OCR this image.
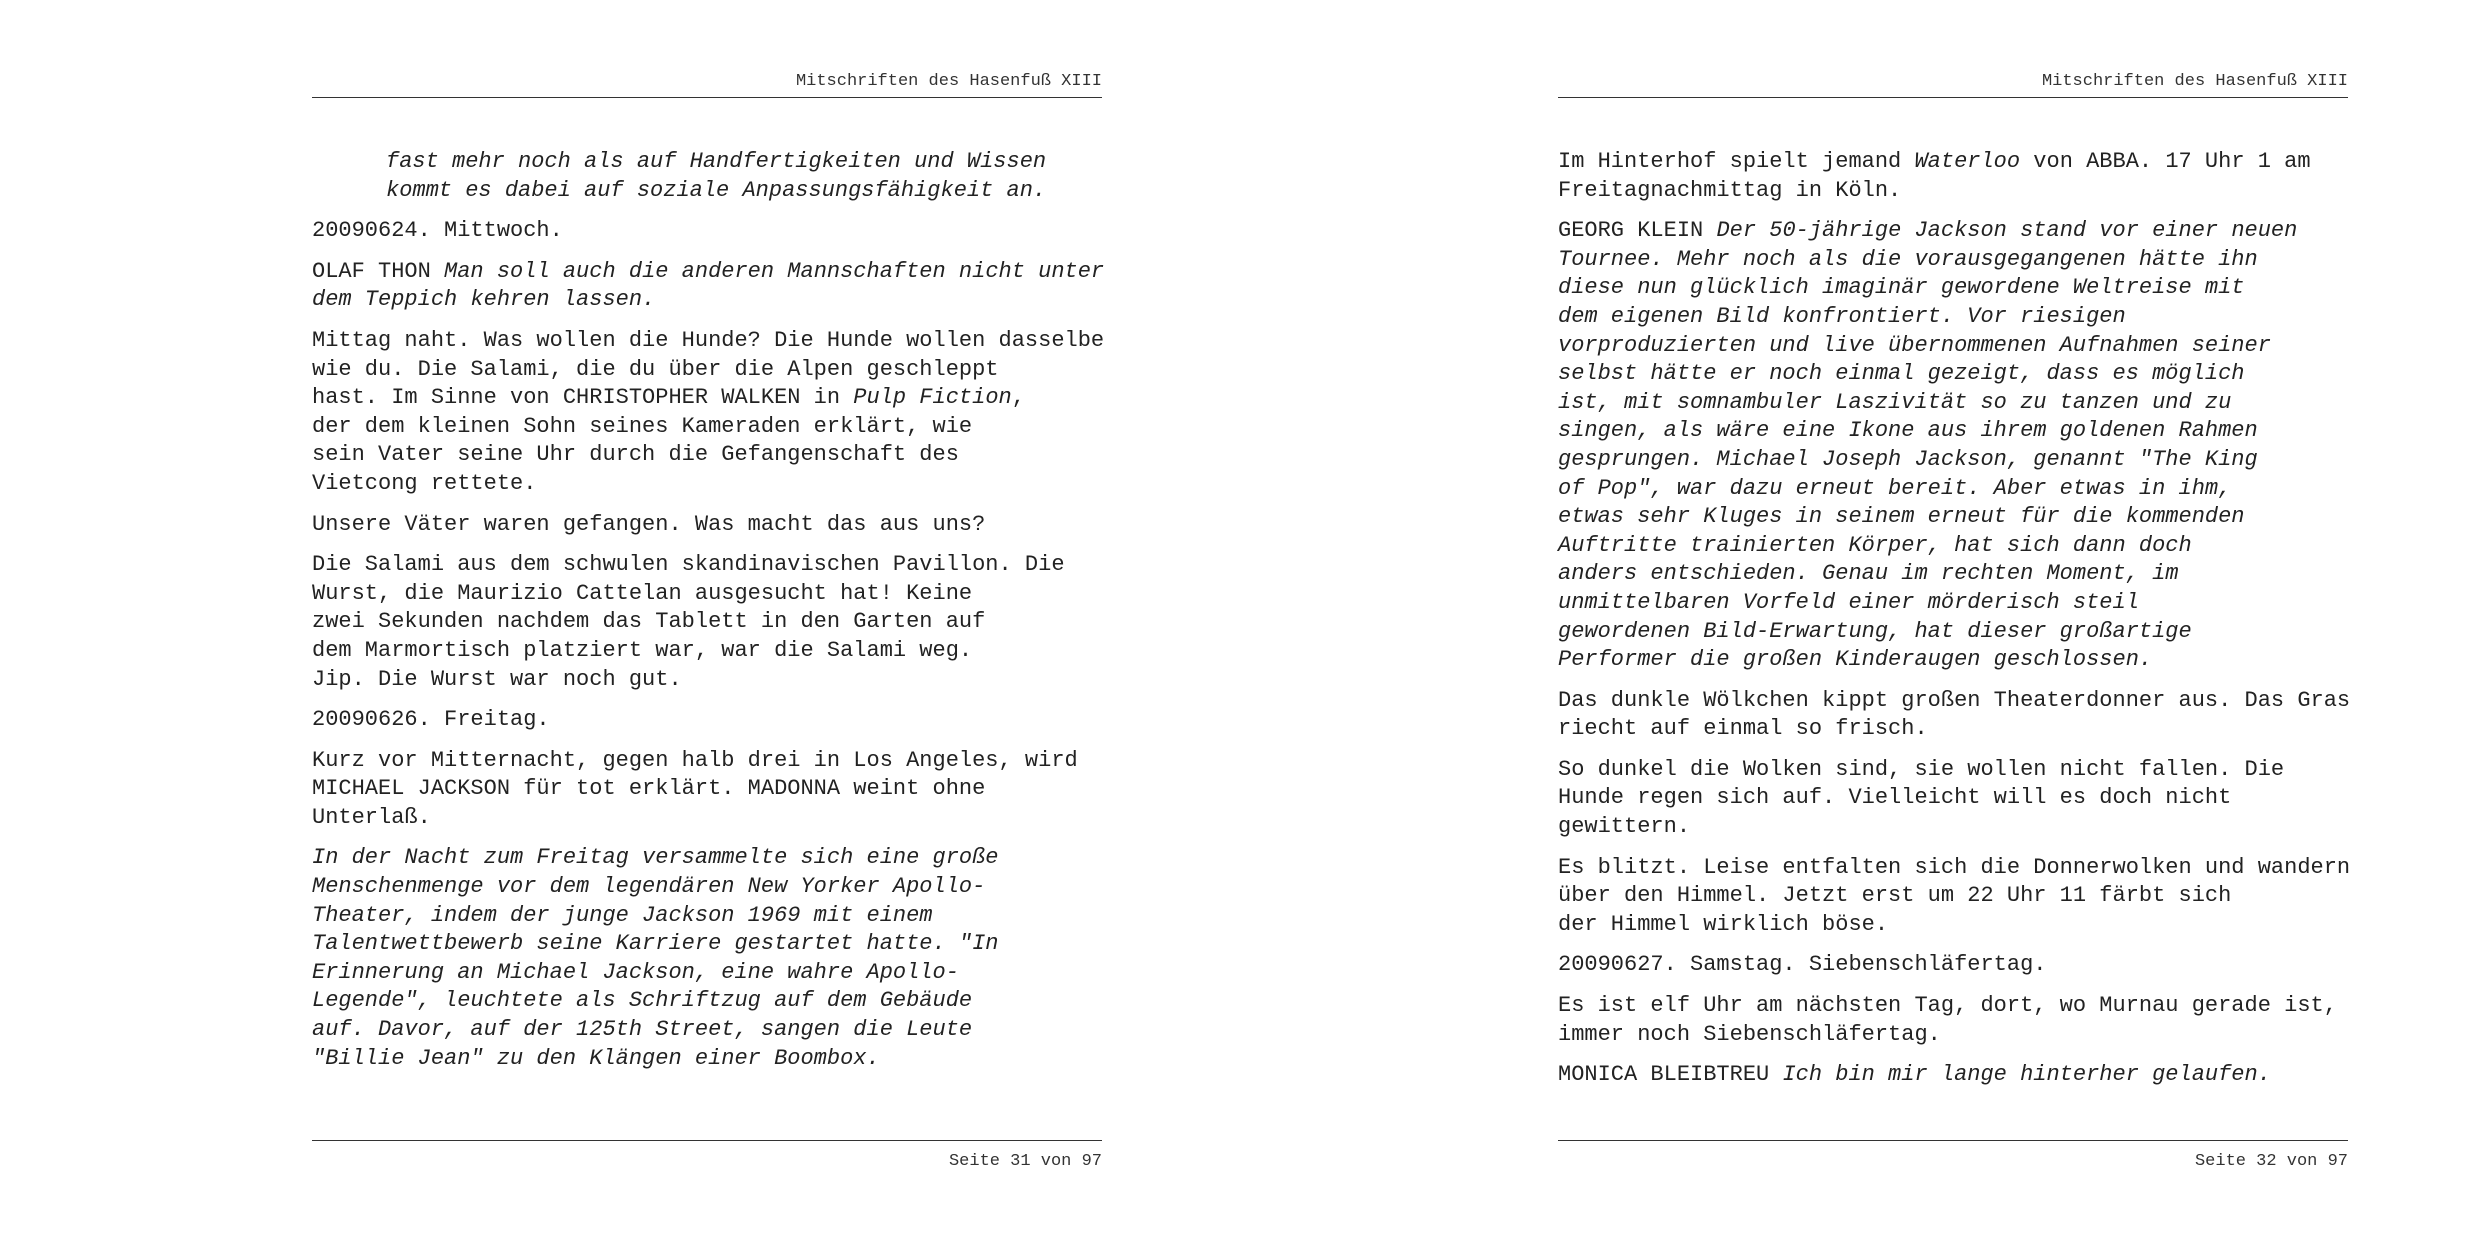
Mitschriften des Hasenfuß XIII

fast mehr noch als auf Handfertigkeiten und Wissen
kommt es dabei auf soziale Anpassungsfähigkeit an.

20090624. Mittwoch.

OLAF THON Man soll auch die anderen Mannschaften nicht unter
dem Teppich kehren lassen.

Mittag naht. Was wollen die Hunde? Die Hunde wollen dasselbe
wie du. Die Salami, die du über die Alpen geschleppt
hast. Im Sinne von CHRISTOPHER WALKEN in Pulp Fiction,
der dem kleinen Sohn seines Kameraden erklärt, wie
sein Vater seine Uhr durch die Gefangenschaft des
Vietcong rettete.

Unsere Väter waren gefangen. Was macht das aus uns?

Die Salami aus dem schwulen skandinavischen Pavillon. Die
Wurst, die Maurizio Cattelan ausgesucht hat! Keine
zwei Sekunden nachdem das Tablett in den Garten auf
dem Marmortisch platziert war, war die Salami weg.
Jip. Die Wurst war noch gut.

20090626. Freitag.

Kurz vor Mitternacht, gegen halb drei in Los Angeles, wird
MICHAEL JACKSON für tot erklärt. MADONNA weint ohne
Unterlaß.

In der Nacht zum Freitag versammelte sich eine große
Menschenmenge vor dem legendären New Yorker Apollo-
Theater, indem der junge Jackson 1969 mit einem
Talentwettbewerb seine Karriere gestartet hatte. "In
Erinnerung an Michael Jackson, eine wahre Apollo-
Legende", leuchtete als Schriftzug auf dem Gebäude
auf. Davor, auf der 125th Street, sangen die Leute
"Billie Jean" zu den Klängen einer Boombox.

Seite 31 von 97
Mitschriften des Hasenfuß XIII

Im Hinterhof spielt jemand Waterloo von ABBA. 17 Uhr 1 am
Freitagnachmittag in Köln.

GEORG KLEIN Der 50-jährige Jackson stand vor einer neuen
Tournee. Mehr noch als die vorausgegangenen hätte ihn
diese nun glücklich imaginär gewordene Weltreise mit
dem eigenen Bild konfrontiert. Vor riesigen
vorproduzierten und live übernommenen Aufnahmen seiner
selbst hätte er noch einmal gezeigt, dass es möglich
ist, mit somnambuler Laszivität so zu tanzen und zu
singen, als wäre eine Ikone aus ihrem goldenen Rahmen
gesprungen. Michael Joseph Jackson, genannt "The King
of Pop", war dazu erneut bereit. Aber etwas in ihm,
etwas sehr Kluges in seinem erneut für die kommenden
Auftritte trainierten Körper, hat sich dann doch
anders entschieden. Genau im rechten Moment, im
unmittelbaren Vorfeld einer mörderisch steil
gewordenen Bild-Erwartung, hat dieser großartige
Performer die großen Kinderaugen geschlossen.

Das dunkle Wölkchen kippt großen Theaterdonner aus. Das Gras
riecht auf einmal so frisch.

So dunkel die Wolken sind, sie wollen nicht fallen. Die
Hunde regen sich auf. Vielleicht will es doch nicht
gewittern.

Es blitzt. Leise entfalten sich die Donnerwolken und wandern
über den Himmel. Jetzt erst um 22 Uhr 11 färbt sich
der Himmel wirklich böse.

20090627. Samstag. Siebenschläfertag.

Es ist elf Uhr am nächsten Tag, dort, wo Murnau gerade ist,
immer noch Siebenschläfertag.

MONICA BLEIBTREU Ich bin mir lange hinterher gelaufen.

Seite 32 von 97
